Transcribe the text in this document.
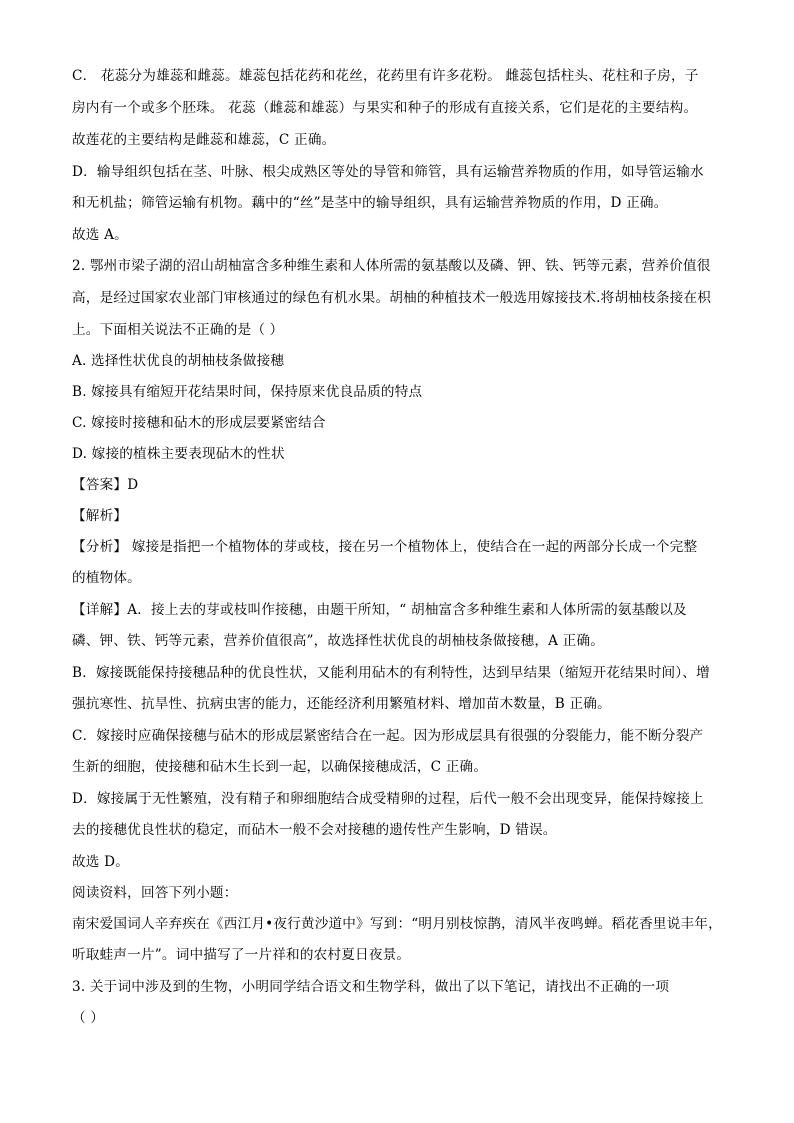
C． 花蕊分为雄蕊和雌蕊。雄蕊包括花药和花丝，花药里有许多花粉。 雌蕊包括柱头、花柱和子房，子
房内有一个或多个胚珠。 花蕊（雌蕊和雄蕊）与果实和种子的形成有直接关系，它们是花的主要结构。
故莲花的主要结构是雌蕊和雄蕊，C 正确。
D．输导组织包括在茎、叶脉、根尖成熟区等处的导管和筛管，具有运输营养物质的作用，如导管运输水
和无机盐；筛管运输有机物。藕中的“丝”是茎中的输导组织，具有运输营养物质的作用，D 正确。
故选 A。
2. 鄂州市梁子湖的沼山胡柚富含多种维生素和人体所需的氨基酸以及磷、钾、铁、钙等元素，营养价值很
高，是经过国家农业部门审核通过的绿色有机水果。胡柚的种植技术一般选用嫁接技术.将胡柚枝条接在枳
上。下面相关说法不正确的是（ ）
A. 选择性状优良的胡柚枝条做接穗
B. 嫁接具有缩短开花结果时间，保持原来优良品质的特点
C. 嫁接时接穗和砧木的形成层要紧密结合
D. 嫁接的植株主要表现砧木的性状
【答案】D
【解析】
【分析】 嫁接是指把一个植物体的芽或枝，接在另一个植物体上，使结合在一起的两部分长成一个完整
的植物体。
【详解】A．接上去的芽或枝叫作接穗，由题干所知，“ 胡柚富含多种维生素和人体所需的氨基酸以及
磷、钾、铁、钙等元素，营养价值很高”，故选择性状优良的胡柚枝条做接穗，A 正确。
B．嫁接既能保持接穗品种的优良性状，又能利用砧木的有利特性，达到早结果（缩短开花结果时间）、增
强抗寒性、抗旱性、抗病虫害的能力，还能经济利用繁殖材料、增加苗木数量，B 正确。
C．嫁接时应确保接穗与砧木的形成层紧密结合在一起。因为形成层具有很强的分裂能力，能不断分裂产
生新的细胞，使接穗和砧木生长到一起，以确保接穗成活，C 正确。
D．嫁接属于无性繁殖，没有精子和卵细胞结合成受精卵的过程，后代一般不会出现变异，能保持嫁接上
去的接穗优良性状的稳定，而砧木一般不会对接穗的遗传性产生影响，D 错误。
故选 D。
阅读资料，回答下列小题：
南宋爱国词人辛弃疾在《西江月•夜行黄沙道中》写到：“明月别枝惊鹊，清风半夜鸣蝉。稻花香里说丰年，
听取蛙声一片”。词中描写了一片祥和的农村夏日夜景。
3. 关于词中涉及到的生物，小明同学结合语文和生物学科，做出了以下笔记，请找出不正确的一项
（ ）
